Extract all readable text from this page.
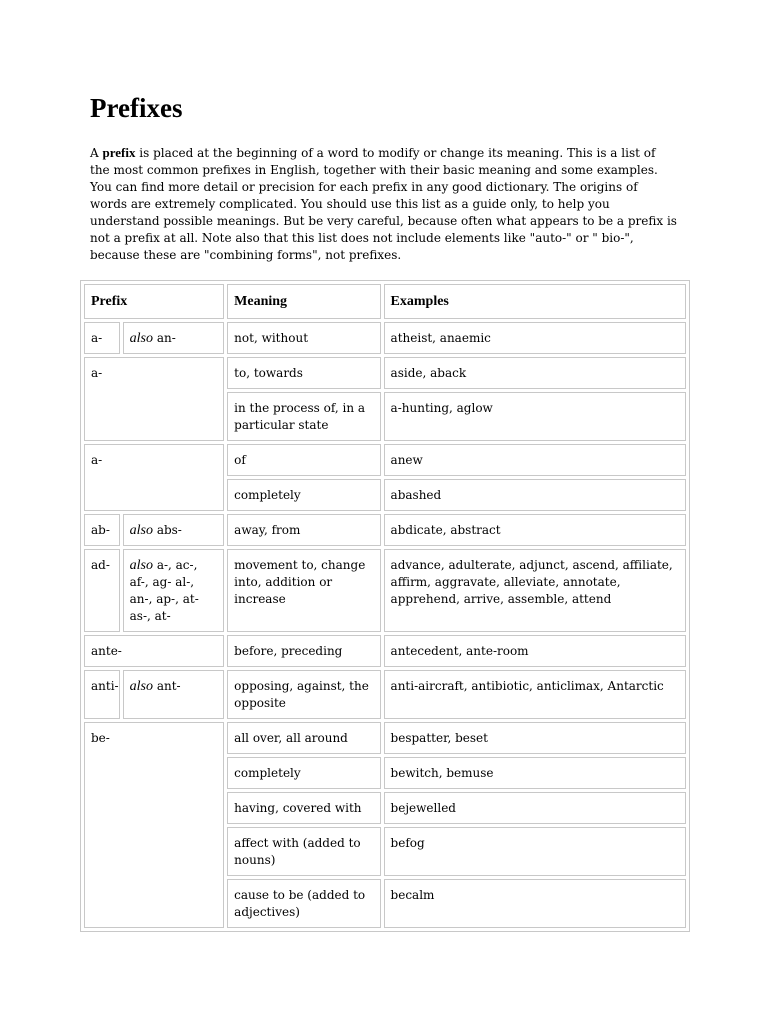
Prefixes

A prefix is placed at the beginning of a word to modify or change its meaning. This is a list of
the most common prefixes in English, together with their basic meaning and some examples.
You can find more detail or precision for each prefix in any good dictionary. The origins of
words are extremely complicated. You should use this list as a guide only, to help you
understand possible meanings. But be very careful, because often what appears to be a prefix is
not a prefix at all. Note also that this list does not include elements like "auto-" or " bio-",
because these are "combining forms", not prefixes.

Prefix		Meaning	Examples
a-	also an-	not, without	atheist, anaemic
a-		to, towards	aside, aback
		in the process of, in a particular state	a-hunting, aglow
a-		of	anew
		completely	abashed
ab-	also abs-	away, from	abdicate, abstract
ad-	also a-, ac-, af-, ag- al-, an-, ap-, at- as-, at-	movement to, change into, addition or increase	advance, adulterate, adjunct, ascend, affiliate, affirm, aggravate, alleviate, annotate, apprehend, arrive, assemble, attend
ante-		before, preceding	antecedent, ante-room
anti-	also ant-	opposing, against, the opposite	anti-aircraft, antibiotic, anticlimax, Antarctic
be-		all over, all around	bespatter, beset
		completely	bewitch, bemuse
		having, covered with	bejewelled
		affect with (added to nouns)	befog
		cause to be (added to adjectives)	becalm
